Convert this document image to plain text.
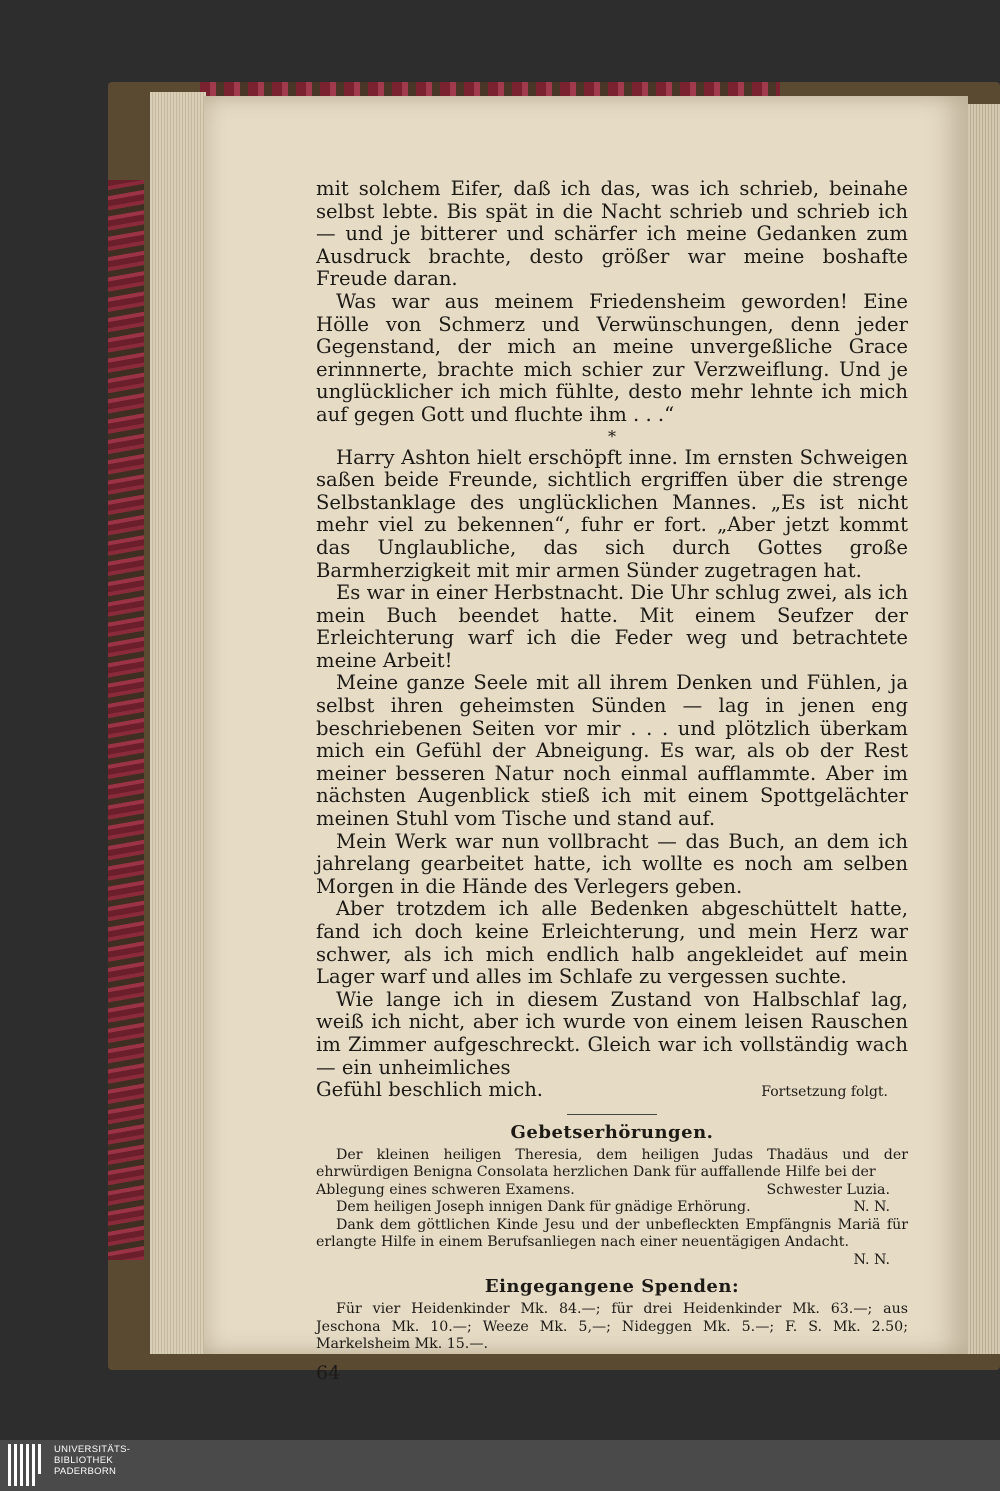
mit solchem Eifer, daß ich das, was ich schrieb, beinahe selbst lebte. Bis spät in die Nacht schrieb und schrieb ich — und je bitterer und schärfer ich meine Gedanken zum Ausdruck brachte, desto größer war meine boshafte Freude daran.

Was war aus meinem Friedensheim geworden! Eine Hölle von Schmerz und Verwünschungen, denn jeder Gegenstand, der mich an meine unvergeßliche Grace erinnnerte, brachte mich schier zur Verzweiflung. Und je unglücklicher ich mich fühlte, desto mehr lehnte ich mich auf gegen Gott und fluchte ihm . . .“

*

Harry Ashton hielt erschöpft inne. Im ernsten Schweigen saßen beide Freunde, sichtlich ergriffen über die strenge Selbstanklage des unglücklichen Mannes. „Es ist nicht mehr viel zu bekennen“, fuhr er fort. „Aber jetzt kommt das Unglaubliche, das sich durch Gottes große Barmherzigkeit mit mir armen Sünder zugetragen hat.

Es war in einer Herbstnacht. Die Uhr schlug zwei, als ich mein Buch beendet hatte. Mit einem Seufzer der Erleichterung warf ich die Feder weg und betrachtete meine Arbeit!

Meine ganze Seele mit all ihrem Denken und Fühlen, ja selbst ihren geheimsten Sünden — lag in jenen eng beschriebenen Seiten vor mir . . . und plötzlich überkam mich ein Gefühl der Abneigung. Es war, als ob der Rest meiner besseren Natur noch einmal aufflammte. Aber im nächsten Augenblick stieß ich mit einem Spottgelächter meinen Stuhl vom Tische und stand auf.

Mein Werk war nun vollbracht — das Buch, an dem ich jahrelang gearbeitet hatte, ich wollte es noch am selben Morgen in die Hände des Verlegers geben.

Aber trotzdem ich alle Bedenken abgeschüttelt hatte, fand ich doch keine Erleichterung, und mein Herz war schwer, als ich mich endlich halb angekleidet auf mein Lager warf und alles im Schlafe zu vergessen suchte.

Wie lange ich in diesem Zustand von Halbschlaf lag, weiß ich nicht, aber ich wurde von einem leisen Rauschen im Zimmer aufgeschreckt. Gleich war ich vollständig wach — ein unheimliches

Gefühl beschlich mich.	Fortsetzung folgt.
Gebetserhörungen.

Der kleinen heiligen Theresia, dem heiligen Judas Thadäus und der ehrwürdigen Benigna Consolata herzlichen Dank für auffallende Hilfe bei der

Ablegung eines schweren Examens.	Schwester Luzia.
Dem heiligen Joseph innigen Dank für gnädige Erhörung.	N. N.

Dank dem göttlichen Kinde Jesu und der unbefleckten Empfängnis Mariä für erlangte Hilfe in einem Berufsanliegen nach einer neuentägigen Andacht.

N. N.
Eingegangene Spenden:

Für vier Heidenkinder Mk. 84.—; für drei Heidenkinder Mk. 63.—; aus Jeschona Mk. 10.—; Weeze Mk. 5,—; Nideggen Mk. 5.—; F. S. Mk. 2.50; Markelsheim Mk. 15.—.

64
UNIVERSITÄTS-
BIBLIOTHEK
PADERBORN
